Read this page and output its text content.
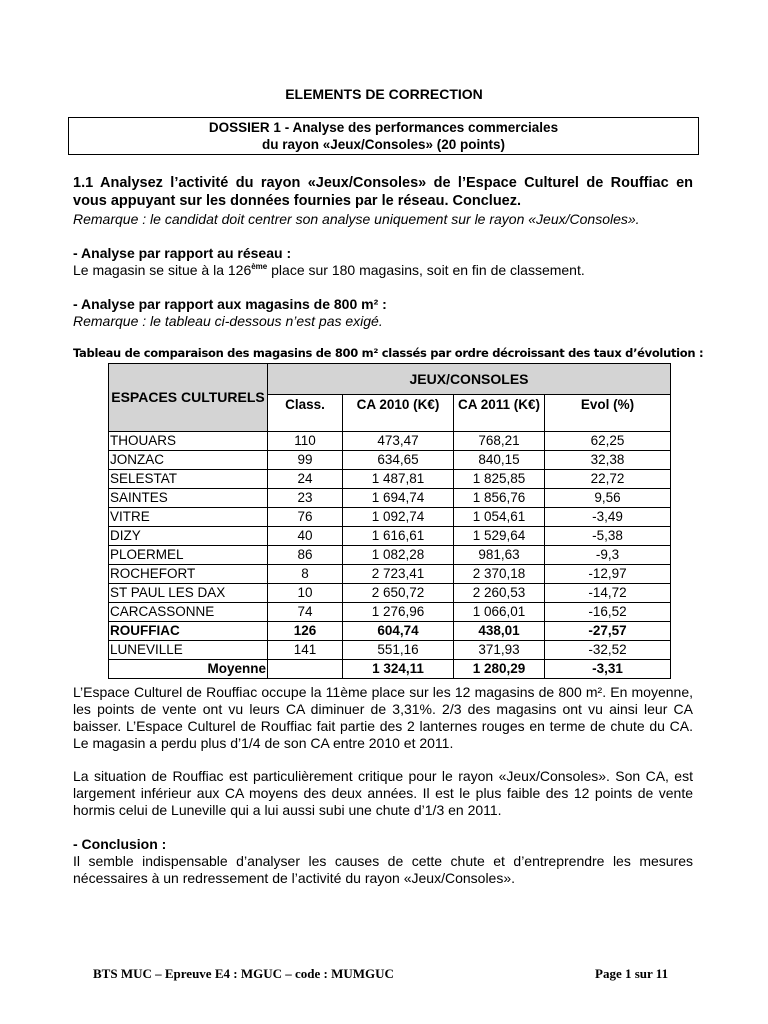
ELEMENTS DE CORRECTION
DOSSIER 1 - Analyse des performances commerciales
du rayon «Jeux/Consoles» (20 points)
1.1 Analysez l’activité du rayon «Jeux/Consoles» de l’Espace Culturel de Rouffiac en vous appuyant sur les données fournies par le réseau. Concluez.
Remarque : le candidat doit centrer son analyse uniquement sur le rayon «Jeux/Consoles».
- Analyse par rapport au réseau :
Le magasin se situe à la 126ème place sur 180 magasins, soit en fin de classement.
- Analyse par rapport aux magasins de 800 m² :
Remarque : le tableau ci-dessous n’est pas exigé.
Tableau de comparaison des magasins de 800 m² classés par ordre décroissant des taux d’évolution :
ESPACES CULTURELS	JEUX/CONSOLES			
	Class.	CA 2010 (K€)	CA 2011 (K€)	Evol (%)
THOUARS	110	473,47	768,21	62,25
JONZAC	99	634,65	840,15	32,38
SELESTAT	24	1 487,81	1 825,85	22,72
SAINTES	23	1 694,74	1 856,76	9,56
VITRE	76	1 092,74	1 054,61	-3,49
DIZY	40	1 616,61	1 529,64	-5,38
PLOERMEL	86	1 082,28	981,63	-9,3
ROCHEFORT	8	2 723,41	2 370,18	-12,97
ST PAUL LES DAX	10	2 650,72	2 260,53	-14,72
CARCASSONNE	74	1 276,96	1 066,01	-16,52
ROUFFIAC	126	604,74	438,01	-27,57
LUNEVILLE	141	551,16	371,93	-32,52
Moyenne		1 324,11	1 280,29	-3,31
L’Espace Culturel de Rouffiac occupe la 11ème place sur les 12 magasins de 800 m². En moyenne, les points de vente ont vu leurs CA diminuer de 3,31%. 2/3 des magasins ont vu ainsi leur CA baisser. L’Espace Culturel de Rouffiac fait partie des 2 lanternes rouges en terme de chute du CA. Le magasin a perdu plus d’1/4 de son CA entre 2010 et 2011.
La situation de Rouffiac est particulièrement critique pour le rayon «Jeux/Consoles». Son CA, est largement inférieur aux CA moyens des deux années. Il est le plus faible des 12 points de vente hormis celui de Luneville qui a lui aussi subi une chute d’1/3 en 2011.
- Conclusion :
Il semble indispensable d’analyser les causes de cette chute et d’entreprendre les mesures nécessaires à un redressement de l’activité du rayon «Jeux/Consoles».
BTS MUC – Epreuve E4 : MGUC – code : MUMGUC	Page 1 sur 11
